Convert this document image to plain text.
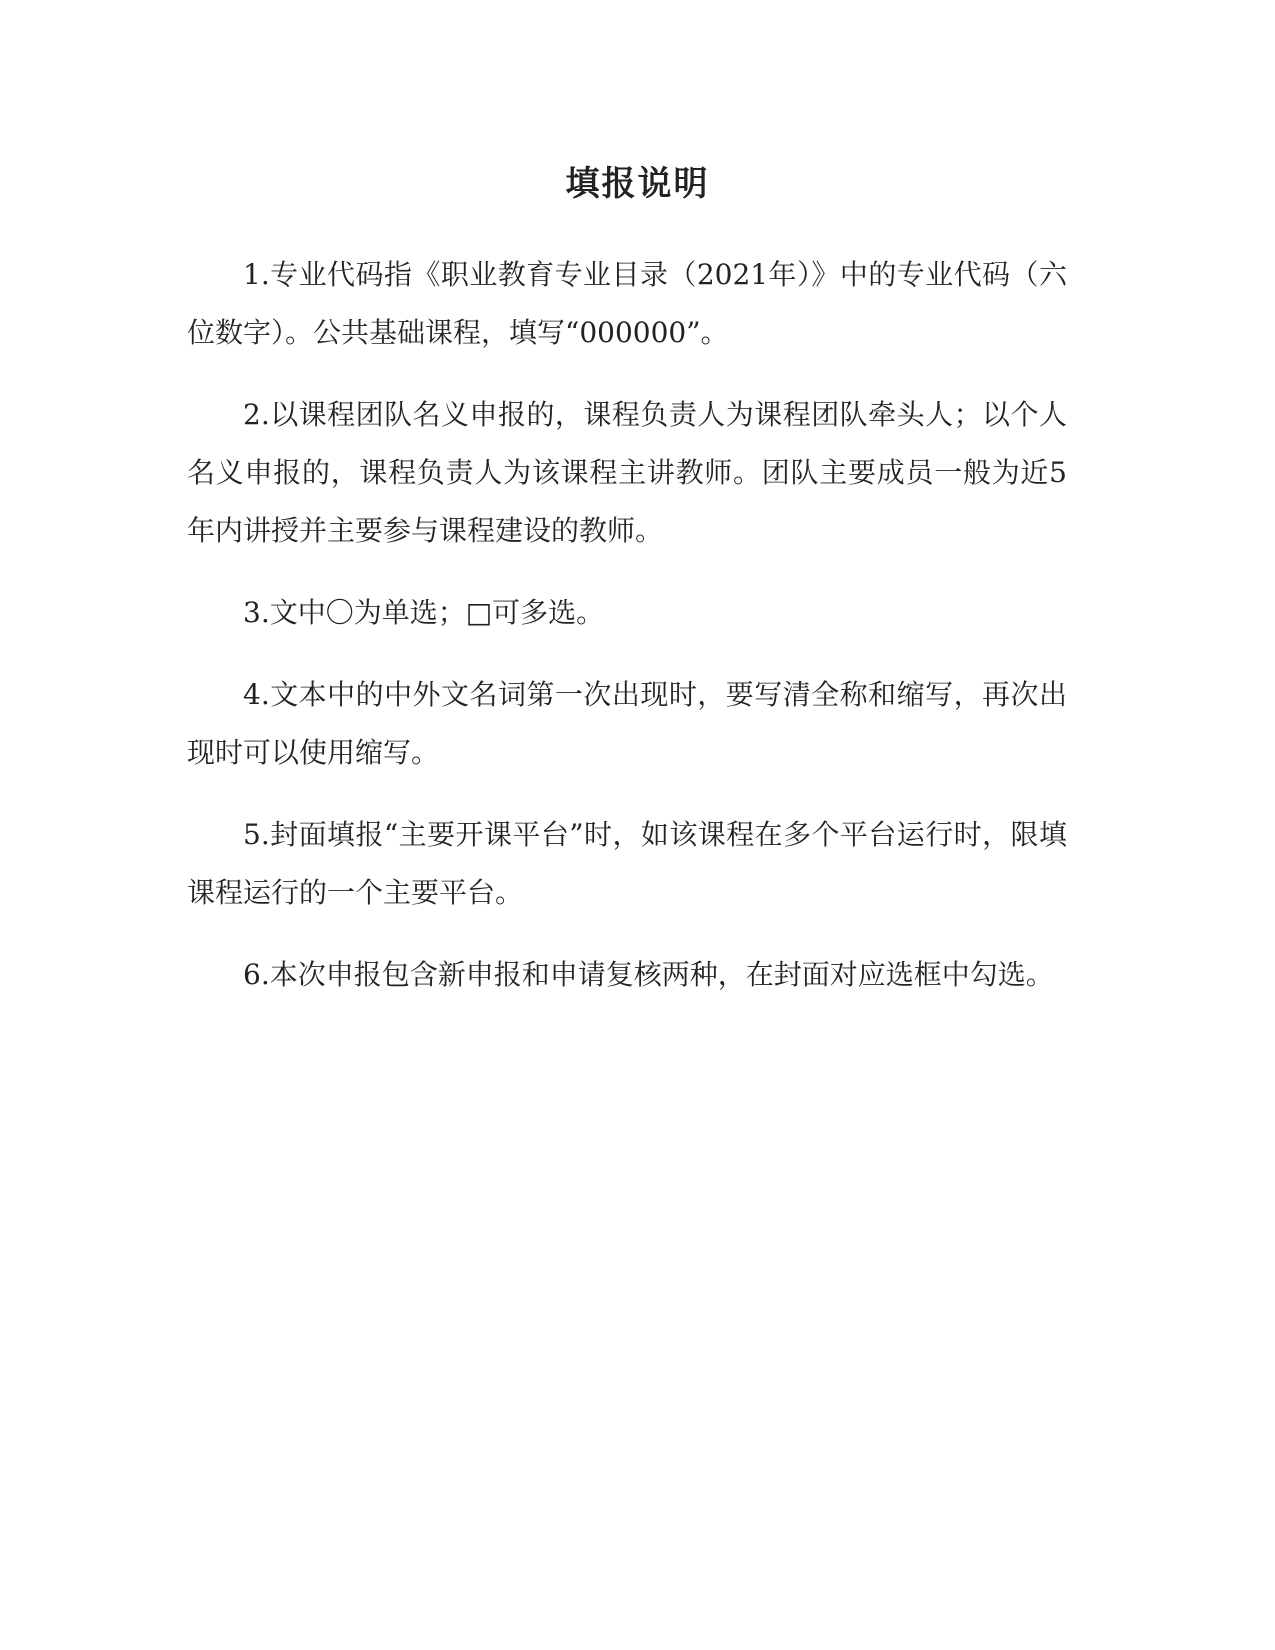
填报说明

1.专业代码指《职业教育专业目录（2021年）》中的专业代码（六位数字）。公共基础课程，填写“000000”。

2.以课程团队名义申报的，课程负责人为课程团队牵头人；以个人名义申报的，课程负责人为该课程主讲教师。团队主要成员一般为近5年内讲授并主要参与课程建设的教师。

3.文中〇为单选；□可多选。

4.文本中的中外文名词第一次出现时，要写清全称和缩写，再次出现时可以使用缩写。

5.封面填报“主要开课平台”时，如该课程在多个平台运行时，限填课程运行的一个主要平台。

6.本次申报包含新申报和申请复核两种，在封面对应选框中勾选。
